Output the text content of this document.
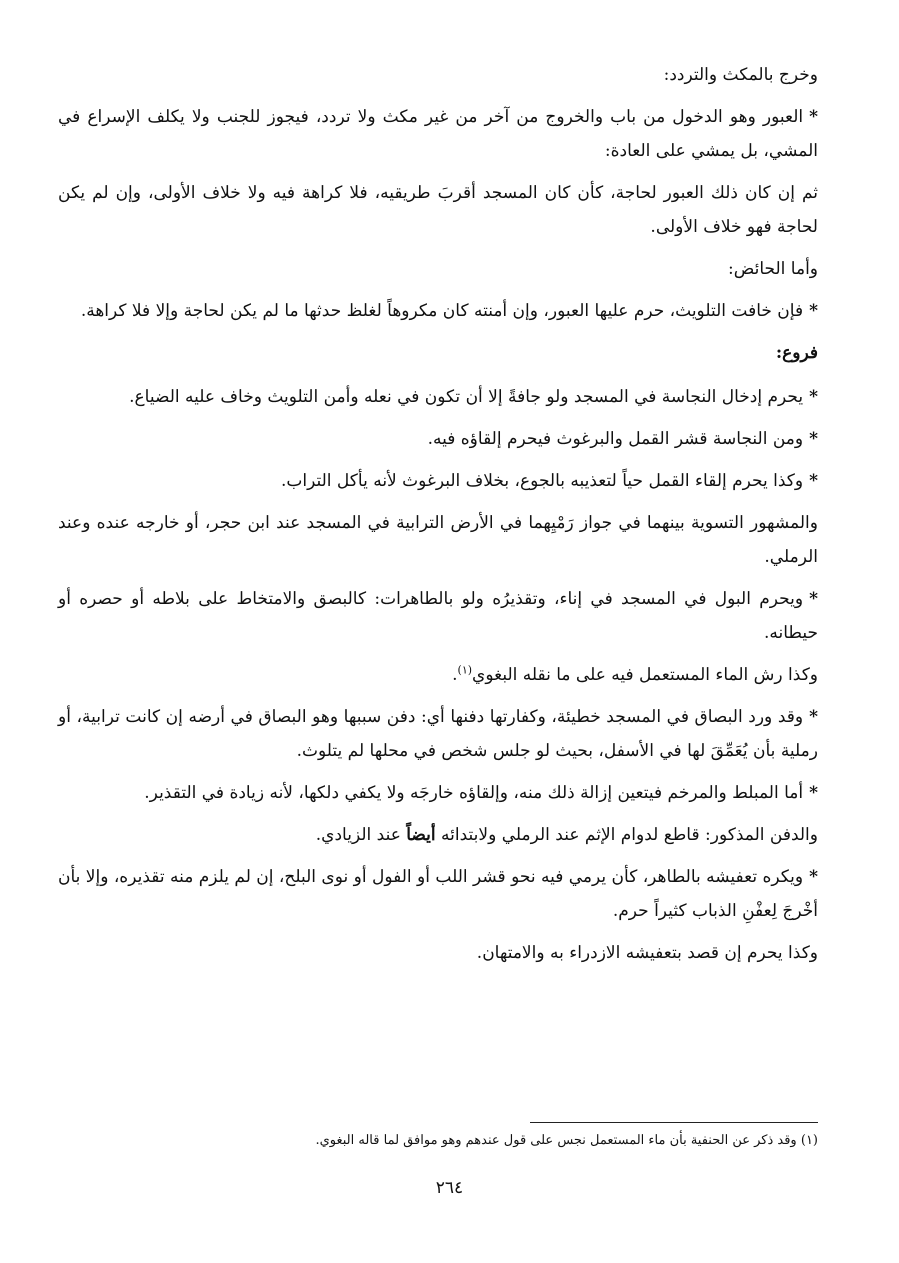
وخرج بالمكث والتردد:

*العبور وهو الدخول من باب والخروج من آخر من غير مكث ولا تردد، فيجوز للجنب ولا يكلف الإسراع في المشي، بل يمشي على العادة:

ثم إن كان ذلك العبور لحاجة، كأن كان المسجد أقربَ طريقيه، فلا كراهة فيه ولا خلاف الأولى، وإن لم يكن لحاجة فهو خلاف الأولى.

وأما الحائض:

*فإن خافت التلويث، حرم عليها العبور، وإن أمنته كان مكروهاً لغلظ حدثها ما لم يكن لحاجة وإلا فلا كراهة.

فروع:

*يحرم إدخال النجاسة في المسجد ولو جافةً إلا أن تكون في نعله وأمن التلويث وخاف عليه الضياع.

*ومن النجاسة قشر القمل والبرغوث فيحرم إلقاؤه فيه.

*وكذا يحرم إلقاء القمل حياً لتعذيبه بالجوع، بخلاف البرغوث لأنه يأكل التراب.

والمشهور التسوية بينهما في جواز رَمْيِهما في الأرض الترابية في المسجد عند ابن حجر، أو خارجه عنده وعند الرملي.

*ويحرم البول في المسجد في إناء، وتقذيرُه ولو بالطاهرات: كالبصق والامتخاط على بلاطه أو حصره أو حيطانه.

وكذا رش الماء المستعمل فيه على ما نقله البغوي$^{(١)}$.

*وقد ورد البصاق في المسجد خطيئة، وكفارتها دفنها أي: دفن سببها وهو البصاق في أرضه إن كانت ترابية، أو رملية بأن يُعَمِّقَ لها في الأسفل، بحيث لو جلس شخص في محلها لم يتلوث.

*أما المبلط والمرخم فيتعين إزالة ذلك منه، وإلقاؤه خارجَه ولا يكفي دلكها، لأنه زيادة في التقذير.

والدفن المذكور: قاطع لدوام الإثم عند الرملي ولابتدائه أيضاً عند الزيادي.

*ويكره تعفيشه بالطاهر، كأن يرمي فيه نحو قشر اللب أو الفول أو نوى البلح، إن لم يلزم منه تقذيره، وإلا بأن أخْرجَ لِعفْنِ الذباب كثيراً حرم.

وكذا يحرم إن قصد بتعفيشه الازدراء به والامتهان.

(١) وقد ذكر عن الحنفية بأن ماء المستعمل نجس على قول عندهم وهو موافق لما قاله البغوي.
٢٦٤
